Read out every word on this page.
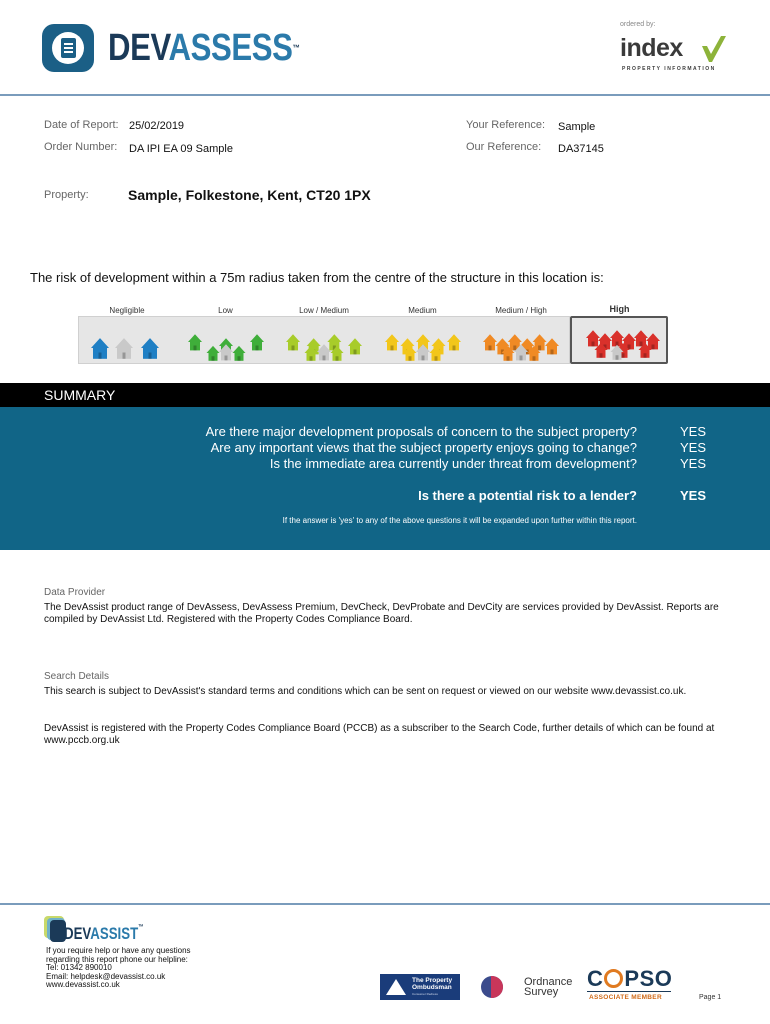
DEVASSESS™
ordered by:
index
PROPERTY INFORMATION
Date of Report: 25/02/2019
Order Number: DA IPI EA 09 Sample
Your Reference: Sample
Our Reference: DA37145
Property:	Sample, Folkestone, Kent, CT20 1PX
The risk of development within a 75m radius taken from the centre of the structure in this location is:
Negligible	Low	Low / Medium	Medium	Medium / High	High
SUMMARY
Are there major development proposals of concern to the subject property?	YES
Are any important views that the subject property enjoys going to change?	YES
Is the immediate area currently under threat from development?	YES
Is there a potential risk to a lender?	YES
If the answer is 'yes' to any of the above questions it will be expanded upon further within this report.
Data Provider
The DevAssist product range of DevAssess, DevAssess Premium, DevCheck, DevProbate and DevCity are services provided by DevAssist. Reports are compiled by DevAssist Ltd. Registered with the Property Codes Compliance Board.
Search Details
This search is subject to DevAssist's standard terms and conditions which can be sent on request or viewed on our website www.devassist.co.uk.
DevAssist is registered with the Property Codes Compliance Board (PCCB) as a subscriber to the Search Code, further details of which can be found at www.pccb.org.uk
DEVASSIST™
If you require help or have any questions
regarding this report phone our helpline:
Tel: 01342 890010
Email: helpdesk@devassist.co.uk
www.devassist.co.uk	The Property
Ombudsman
Consumer Redress
Ordnance
Survey
C PSO
ASSOCIATE MEMBER	Page 1
